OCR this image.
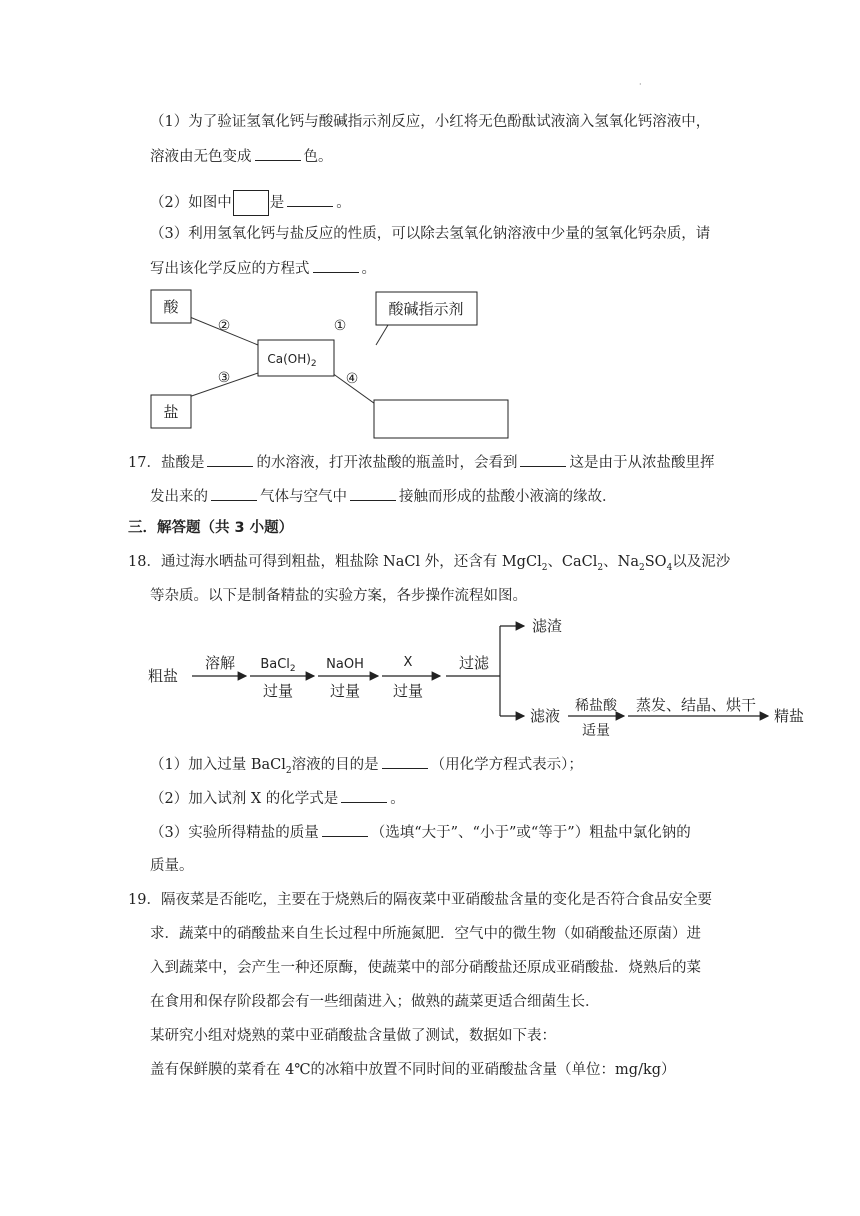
·
（1）为了验证氢氧化钙与酸碱指示剂反应，小红将无色酚酞试液滴入氢氧化钙溶液中，
溶液由无色变成	色。
（2）如图中	是	。
（3）利用氢氧化钙与盐反应的性质，可以除去氢氧化钠溶液中少量的氢氧化钙杂质，请
写出该化学反应的方程式	。
酸	酸碱指示剂
$Ca(OH)_2$
盐
①
②
③	④
17．盐酸是	的水溶液，打开浓盐酸的瓶盖时，会看到	这是由于从浓盐酸里挥
发出来的	气体与空气中	接触而形成的盐酸小液滴的缘故．
三．解答题（共 3 小题）
18．通过海水晒盐可得到粗盐，粗盐除 NaCl 外，还含有 MgCl$_2$、CaCl$_2$、$Na_2SO_4$以及泥沙
等杂质。以下是制备精盐的实验方案，各步操作流程如图。
粗盐
溶解 BaCl$_2$
过量
NaOH
过量
X
过量
过滤
滤渣
滤液
稀盐酸
适量
蒸发、结晶、烘干
精盐
（1）加入过量 BaCl$_2$溶液的目的是	（用化学方程式表示）；
（2）加入试剂 X 的化学式是	。
（3）实验所得精盐的质量	（选填“大于”、“小于”或“等于”）粗盐中氯化钠的
质量。
19．隔夜菜是否能吃，主要在于烧熟后的隔夜菜中亚硝酸盐含量的变化是否符合食品安全要
求．蔬菜中的硝酸盐来自生长过程中所施氮肥．空气中的微生物（如硝酸盐还原菌）进
入到蔬菜中，会产生一种还原酶，使蔬菜中的部分硝酸盐还原成亚硝酸盐．烧熟后的菜
在食用和保存阶段都会有一些细菌进入；做熟的蔬菜更适合细菌生长．
某研究小组对烧熟的菜中亚硝酸盐含量做了测试，数据如下表：
盖有保鲜膜的菜肴在 4℃的冰箱中放置不同时间的亚硝酸盐含量（单位：mg/kg）
